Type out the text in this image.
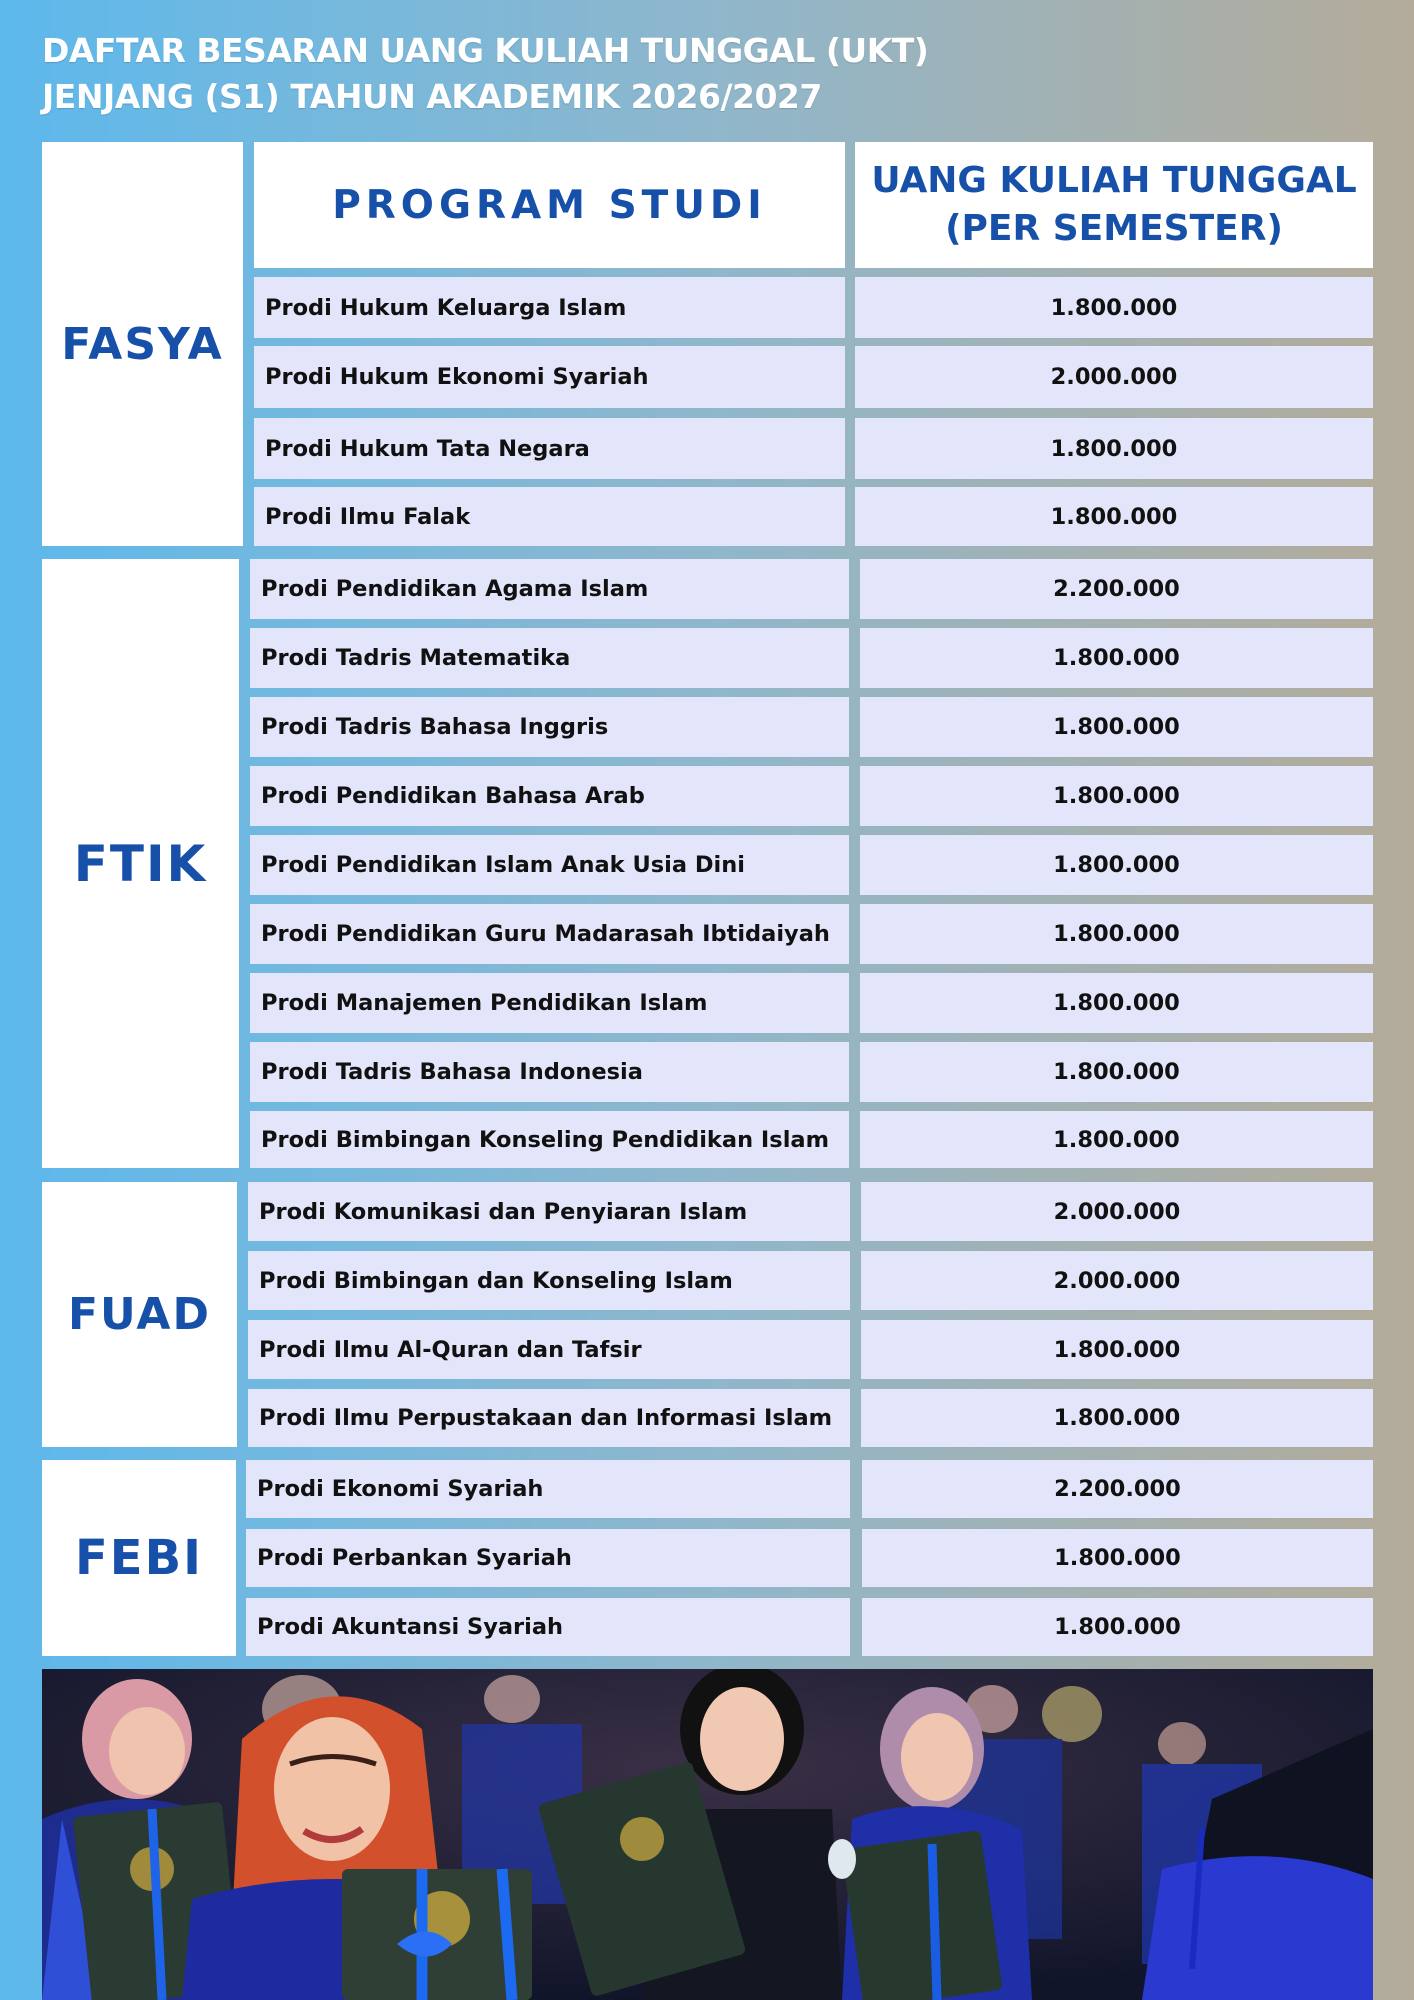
DAFTAR BESARAN UANG KULIAH TUNGGAL (UKT)
JENJANG (S1) TAHUN AKADEMIK 2026/2027
PROGRAM STUDI
UANG KULIAH TUNGGAL
(PER SEMESTER)
FASYA
Prodi Hukum Keluarga Islam	1.800.000
Prodi Hukum Ekonomi Syariah	2.000.000
Prodi Hukum Tata Negara	1.800.000
Prodi Ilmu Falak	1.800.000
FTIK
Prodi Pendidikan Agama Islam	2.200.000
Prodi Tadris Matematika	1.800.000
Prodi Tadris Bahasa Inggris	1.800.000
Prodi Pendidikan Bahasa Arab	1.800.000
Prodi Pendidikan Islam Anak Usia Dini	1.800.000
Prodi Pendidikan Guru Madarasah Ibtidaiyah	1.800.000
Prodi Manajemen Pendidikan Islam	1.800.000
Prodi Tadris Bahasa Indonesia	1.800.000
Prodi Bimbingan Konseling Pendidikan Islam	1.800.000
FUAD
Prodi Komunikasi dan Penyiaran Islam	2.000.000
Prodi Bimbingan dan Konseling Islam	2.000.000
Prodi Ilmu Al-Quran dan Tafsir	1.800.000
Prodi Ilmu Perpustakaan dan Informasi Islam	1.800.000
FEBI
Prodi Ekonomi Syariah	2.200.000
Prodi Perbankan Syariah	1.800.000
Prodi Akuntansi Syariah	1.800.000
